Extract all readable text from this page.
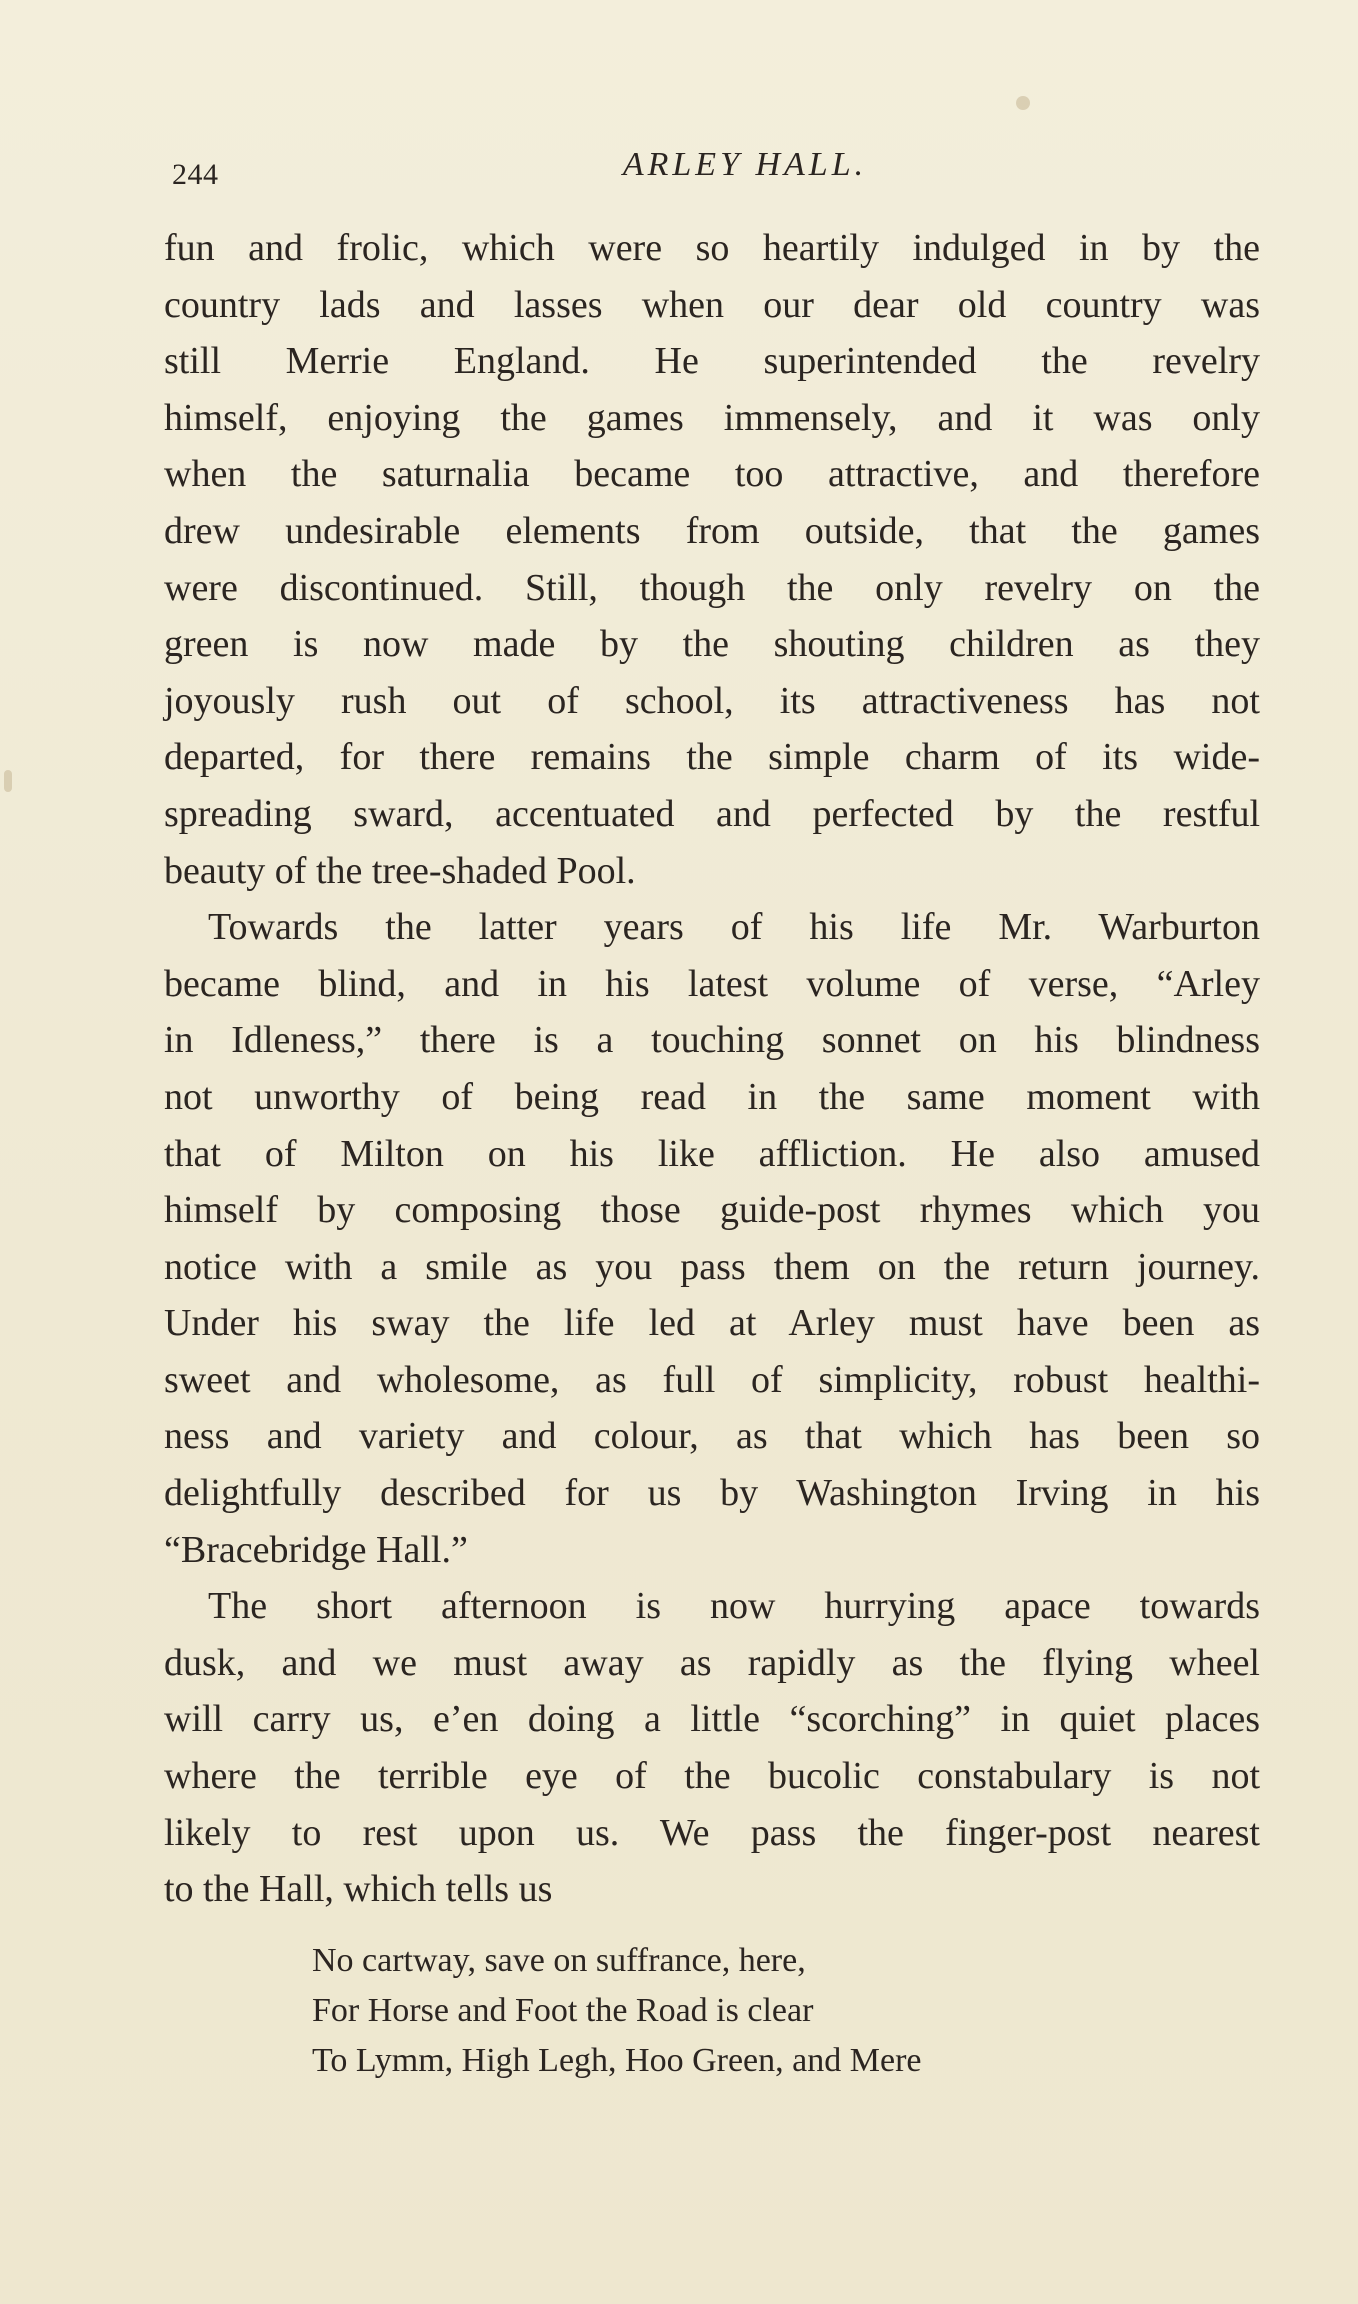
244	ARLEY HALL.

fun and frolic, which were so heartily indulged in by the
country lads and lasses when our dear old country was
still Merrie England. He superintended the revelry
himself, enjoying the games immensely, and it was only
when the saturnalia became too attractive, and therefore
drew undesirable elements from outside, that the games
were discontinued. Still, though the only revelry on the
green is now made by the shouting children as they
joyously rush out of school, its attractiveness has not
departed, for there remains the simple charm of its wide-
spreading sward, accentuated and perfected by the restful
beauty of the tree-shaded Pool.

Towards the latter years of his life Mr. Warburton
became blind, and in his latest volume of verse, “Arley
in Idleness,” there is a touching sonnet on his blindness
not unworthy of being read in the same moment with
that of Milton on his like affliction. He also amused
himself by composing those guide-post rhymes which you
notice with a smile as you pass them on the return journey.
Under his sway the life led at Arley must have been as
sweet and wholesome, as full of simplicity, robust healthi-
ness and variety and colour, as that which has been so
delightfully described for us by Washington Irving in his
“Bracebridge Hall.”

The short afternoon is now hurrying apace towards
dusk, and we must away as rapidly as the flying wheel
will carry us, e’en doing a little “scorching” in quiet places
where the terrible eye of the bucolic constabulary is not
likely to rest upon us. We pass the finger-post nearest
to the Hall, which tells us

No cartway, save on suffrance, here,
For Horse and Foot the Road is clear
To Lymm, High Legh, Hoo Green, and Mere
